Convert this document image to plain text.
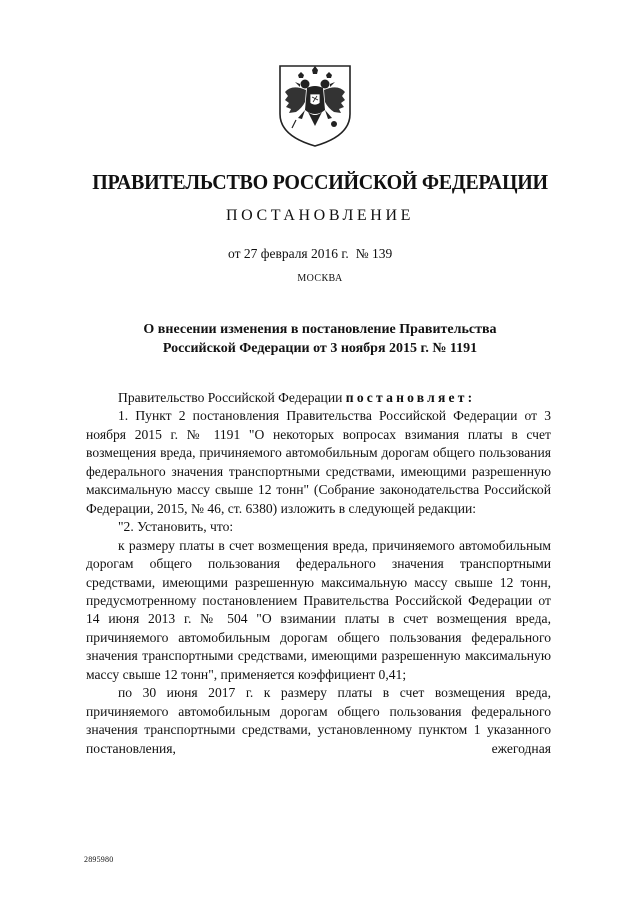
ПРАВИТЕЛЬСТВО РОССИЙСКОЙ ФЕДЕРАЦИИ
ПОСТАНОВЛЕНИЕ
от 27 февраля 2016 г. № 139
МОСКВА
О внесении изменения в постановление Правительства
Российской Федерации от 3 ноября 2015 г. № 1191

Правительство Российской Федерации постановляет:

1. Пункт 2 постановления Правительства Российской Федерации от 3 ноября 2015 г. № 1191 "О некоторых вопросах взимания платы в счет возмещения вреда, причиняемого автомобильным дорогам общего пользования федерального значения транспортными средствами, имеющими разрешенную максимальную массу свыше 12 тонн" (Собрание законодательства Российской Федерации, 2015, № 46, ст. 6380) изложить в следующей редакции:

"2. Установить, что:

к размеру платы в счет возмещения вреда, причиняемого автомобильным дорогам общего пользования федерального значения транспортными средствами, имеющими разрешенную максимальную массу свыше 12 тонн, предусмотренному постановлением Правительства Российской Федерации от 14 июня 2013 г. № 504 "О взимании платы в счет возмещения вреда, причиняемого автомобильным дорогам общего пользования федерального значения транспортными средствами, имеющими разрешенную максимальную массу свыше 12 тонн", применяется коэффициент 0,41;

по 30 июня 2017 г. к размеру платы в счет возмещения вреда, причиняемого автомобильным дорогам общего пользования федерального значения транспортными средствами, установленному пунктом 1 указанного постановления, ежегодная

2895980
